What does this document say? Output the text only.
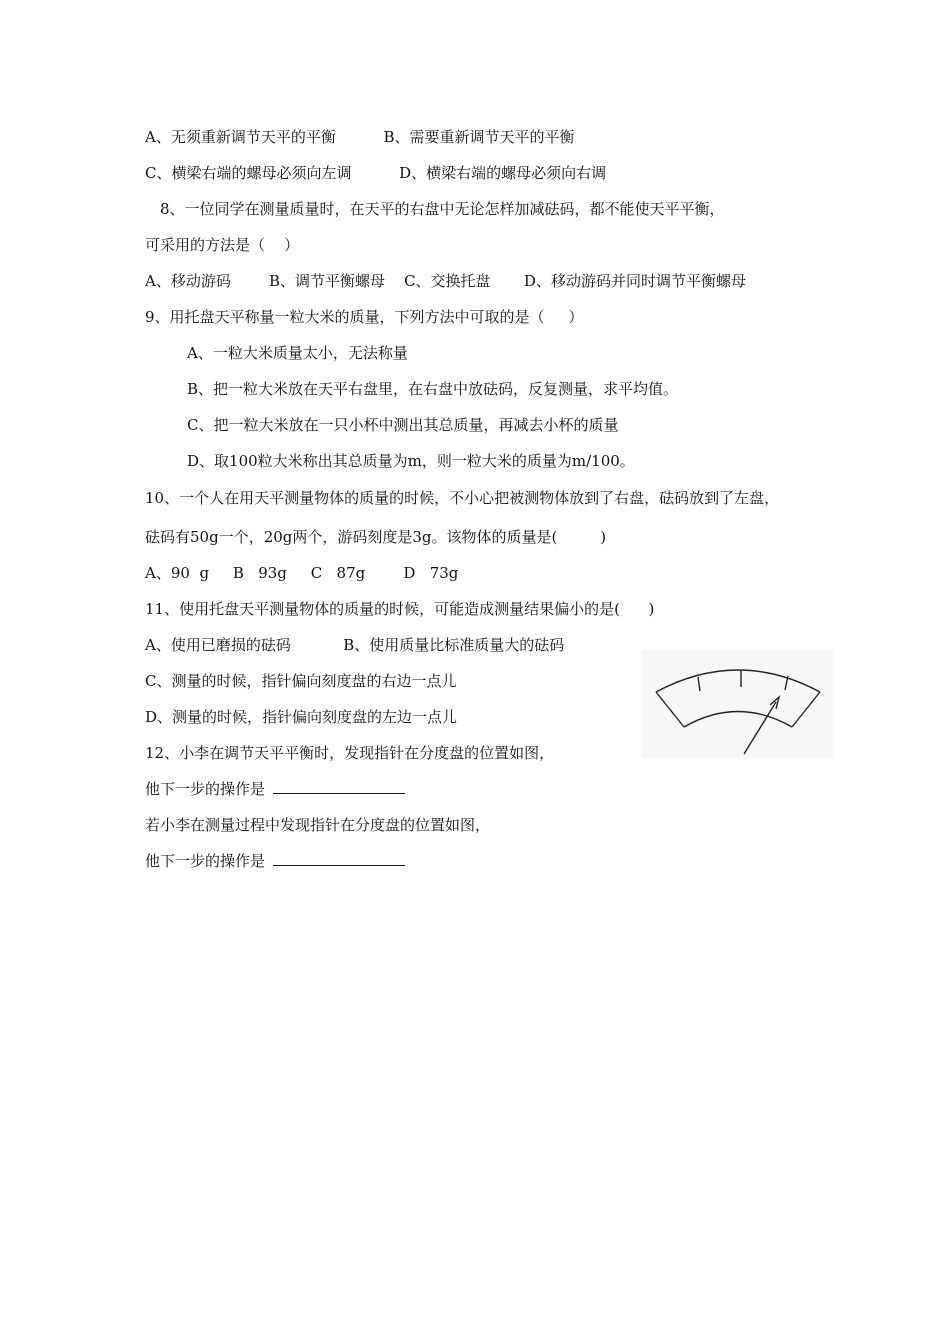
A、无须重新调节天平的平衡          B、需要重新调节天平的平衡
C、横梁右端的螺母必须向左调          D、横梁右端的螺母必须向右调
8、一位同学在测量质量时，在天平的右盘中无论怎样加减砝码，都不能使天平平衡，
可采用的方法是（    ）
A、移动游码        B、调节平衡螺母    C、交换托盘       D、移动游码并同时调节平衡螺母
9、用托盘天平称量一粒大米的质量，下列方法中可取的是（     ）
A、一粒大米质量太小，无法称量
B、把一粒大米放在天平右盘里，在右盘中放砝码，反复测量，求平均值。
C、把一粒大米放在一只小杯中测出其总质量，再减去小杯的质量
D、取100粒大米称出其总质量为m，则一粒大米的质量为m/100。
10、一个人在用天平测量物体的质量的时候，不小心把被测物体放到了右盘，砝码放到了左盘，
砝码有50g一个，20g两个，游码刻度是3g。该物体的质量是(         )
A、90  g     B   93g     C   87g        D   73g
11、使用托盘天平测量物体的质量的时候，可能造成测量结果偏小的是(      )
A、使用已磨损的砝码           B、使用质量比标准质量大的砝码
C、测量的时候，指针偏向刻度盘的右边一点儿
D、测量的时候，指针偏向刻度盘的左边一点儿
12、小李在调节天平平衡时，发现指针在分度盘的位置如图，
他下一步的操作是
若小李在测量过程中发现指针在分度盘的位置如图，
他下一步的操作是
